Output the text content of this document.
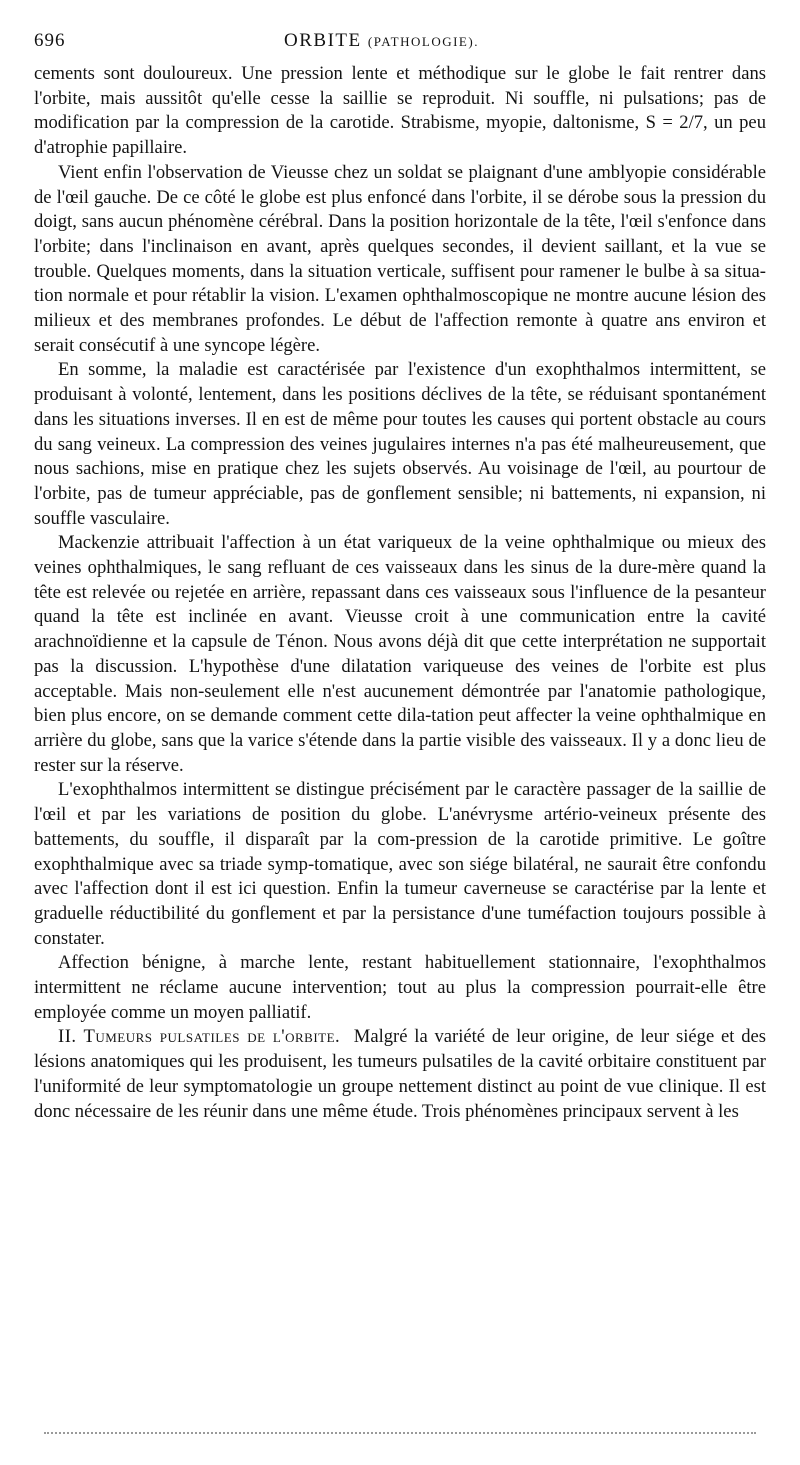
696	ORBITE (PATHOLOGIE).

cements sont douloureux. Une pression lente et méthodique sur le globe le fait rentrer dans l'orbite, mais aussitôt qu'elle cesse la saillie se reproduit. Ni souffle, ni pulsations; pas de modification par la compression de la carotide. Strabisme, myopie, daltonisme, S = 2/7, un peu d'atrophie papillaire.

Vient enfin l'observation de Vieusse chez un soldat se plaignant d'une amblyopie considérable de l'œil gauche. De ce côté le globe est plus enfoncé dans l'orbite, il se dérobe sous la pression du doigt, sans aucun phénomène cérébral. Dans la position horizontale de la tête, l'œil s'enfonce dans l'orbite; dans l'inclinaison en avant, après quelques secondes, il devient saillant, et la vue se trouble. Quelques moments, dans la situation verticale, suffisent pour ramener le bulbe à sa situa-tion normale et pour rétablir la vision. L'examen ophthalmoscopique ne montre aucune lésion des milieux et des membranes profondes. Le début de l'affection remonte à quatre ans environ et serait consécutif à une syncope légère.

En somme, la maladie est caractérisée par l'existence d'un exophthalmos intermittent, se produisant à volonté, lentement, dans les positions déclives de la tête, se réduisant spontanément dans les situations inverses. Il en est de même pour toutes les causes qui portent obstacle au cours du sang veineux. La compression des veines jugulaires internes n'a pas été malheureusement, que nous sachions, mise en pratique chez les sujets observés. Au voisinage de l'œil, au pourtour de l'orbite, pas de tumeur appréciable, pas de gonflement sensible; ni battements, ni expansion, ni souffle vasculaire.

Mackenzie attribuait l'affection à un état variqueux de la veine ophthalmique ou mieux des veines ophthalmiques, le sang refluant de ces vaisseaux dans les sinus de la dure-mère quand la tête est relevée ou rejetée en arrière, repassant dans ces vaisseaux sous l'influence de la pesanteur quand la tête est inclinée en avant. Vieusse croit à une communication entre la cavité arachnoïdienne et la capsule de Ténon. Nous avons déjà dit que cette interprétation ne supportait pas la discussion. L'hypothèse d'une dilatation variqueuse des veines de l'orbite est plus acceptable. Mais non-seulement elle n'est aucunement démontrée par l'anatomie pathologique, bien plus encore, on se demande comment cette dila-tation peut affecter la veine ophthalmique en arrière du globe, sans que la varice s'étende dans la partie visible des vaisseaux. Il y a donc lieu de rester sur la réserve.

L'exophthalmos intermittent se distingue précisément par le caractère passager de la saillie de l'œil et par les variations de position du globe. L'anévrysme artério-veineux présente des battements, du souffle, il disparaît par la com-pression de la carotide primitive. Le goître exophthalmique avec sa triade symp-tomatique, avec son siége bilatéral, ne saurait être confondu avec l'affection dont il est ici question. Enfin la tumeur caverneuse se caractérise par la lente et graduelle réductibilité du gonflement et par la persistance d'une tuméfaction toujours possible à constater.

Affection bénigne, à marche lente, restant habituellement stationnaire, l'exophthalmos intermittent ne réclame aucune intervention; tout au plus la compression pourrait-elle être employée comme un moyen palliatif.

II. Tumeurs pulsatiles de l'orbite. Malgré la variété de leur origine, de leur siége et des lésions anatomiques qui les produisent, les tumeurs pulsatiles de la cavité orbitaire constituent par l'uniformité de leur symptomatologie un groupe nettement distinct au point de vue clinique. Il est donc nécessaire de les réunir dans une même étude. Trois phénomènes principaux servent à les
